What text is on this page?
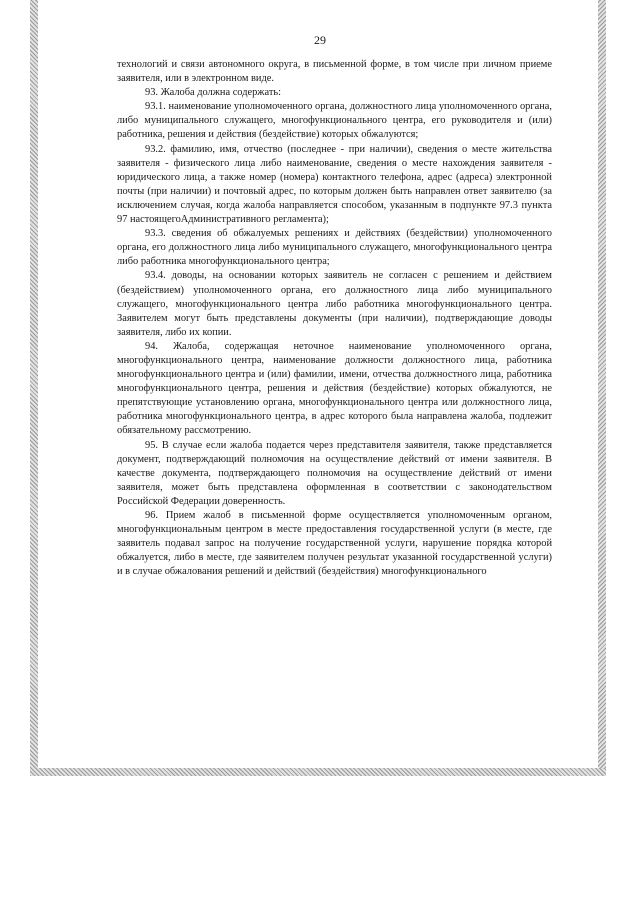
29

технологий и связи автономного округа, в письменной форме, в том числе при личном приеме заявителя, или в электронном виде.

93. Жалоба должна содержать:

93.1. наименование уполномоченного органа, должностного лица уполномоченного органа, либо муниципального служащего, многофункционального центра, его руководителя и (или) работника, решения и действия (бездействие) которых обжалуются;

93.2. фамилию, имя, отчество (последнее - при наличии), сведения о месте жительства заявителя - физического лица либо наименование, сведения о месте нахождения заявителя - юридического лица, а также номер (номера) контактного телефона, адрес (адреса) электронной почты (при наличии) и почтовый адрес, по которым должен быть направлен ответ заявителю (за исключением случая, когда жалоба направляется способом, указанным в подпункте 97.3 пункта 97 настоящегоАдминистративного регламента);

93.3. сведения об обжалуемых решениях и действиях (бездействии) уполномоченного органа, его должностного лица либо муниципального служащего, многофункционального центра либо работника многофункционального центра;

93.4. доводы, на основании которых заявитель не согласен с решением и действием (бездействием) уполномоченного органа, его должностного лица либо муниципального служащего, многофункционального центра либо работника многофункционального центра. Заявителем могут быть представлены документы (при наличии), подтверждающие доводы заявителя, либо их копии.

94. Жалоба, содержащая неточное наименование уполномоченного органа, многофункционального центра, наименование должности должностного лица, работника многофункционального центра и (или) фамилии, имени, отчества должностного лица, работника многофункционального центра, решения и действия (бездействие) которых обжалуются, не препятствующие установлению органа, многофункционального центра или должностного лица, работника многофункционального центра, в адрес которого была направлена жалоба, подлежит обязательному рассмотрению.

95. В случае если жалоба подается через представителя заявителя, также представляется документ, подтверждающий полномочия на осуществление действий от имени заявителя. В качестве документа, подтверждающего полномочия на осуществление действий от имени заявителя, может быть представлена оформленная в соответствии с законодательством Российской Федерации доверенность.

96. Прием жалоб в письменной форме осуществляется уполномоченным органом, многофункциональным центром в месте предоставления государственной услуги (в месте, где заявитель подавал запрос на получение государственной услуги, нарушение порядка которой обжалуется, либо в месте, где заявителем получен результат указанной государственной услуги) и в случае обжалования решений и действий (бездействия) многофункционального
